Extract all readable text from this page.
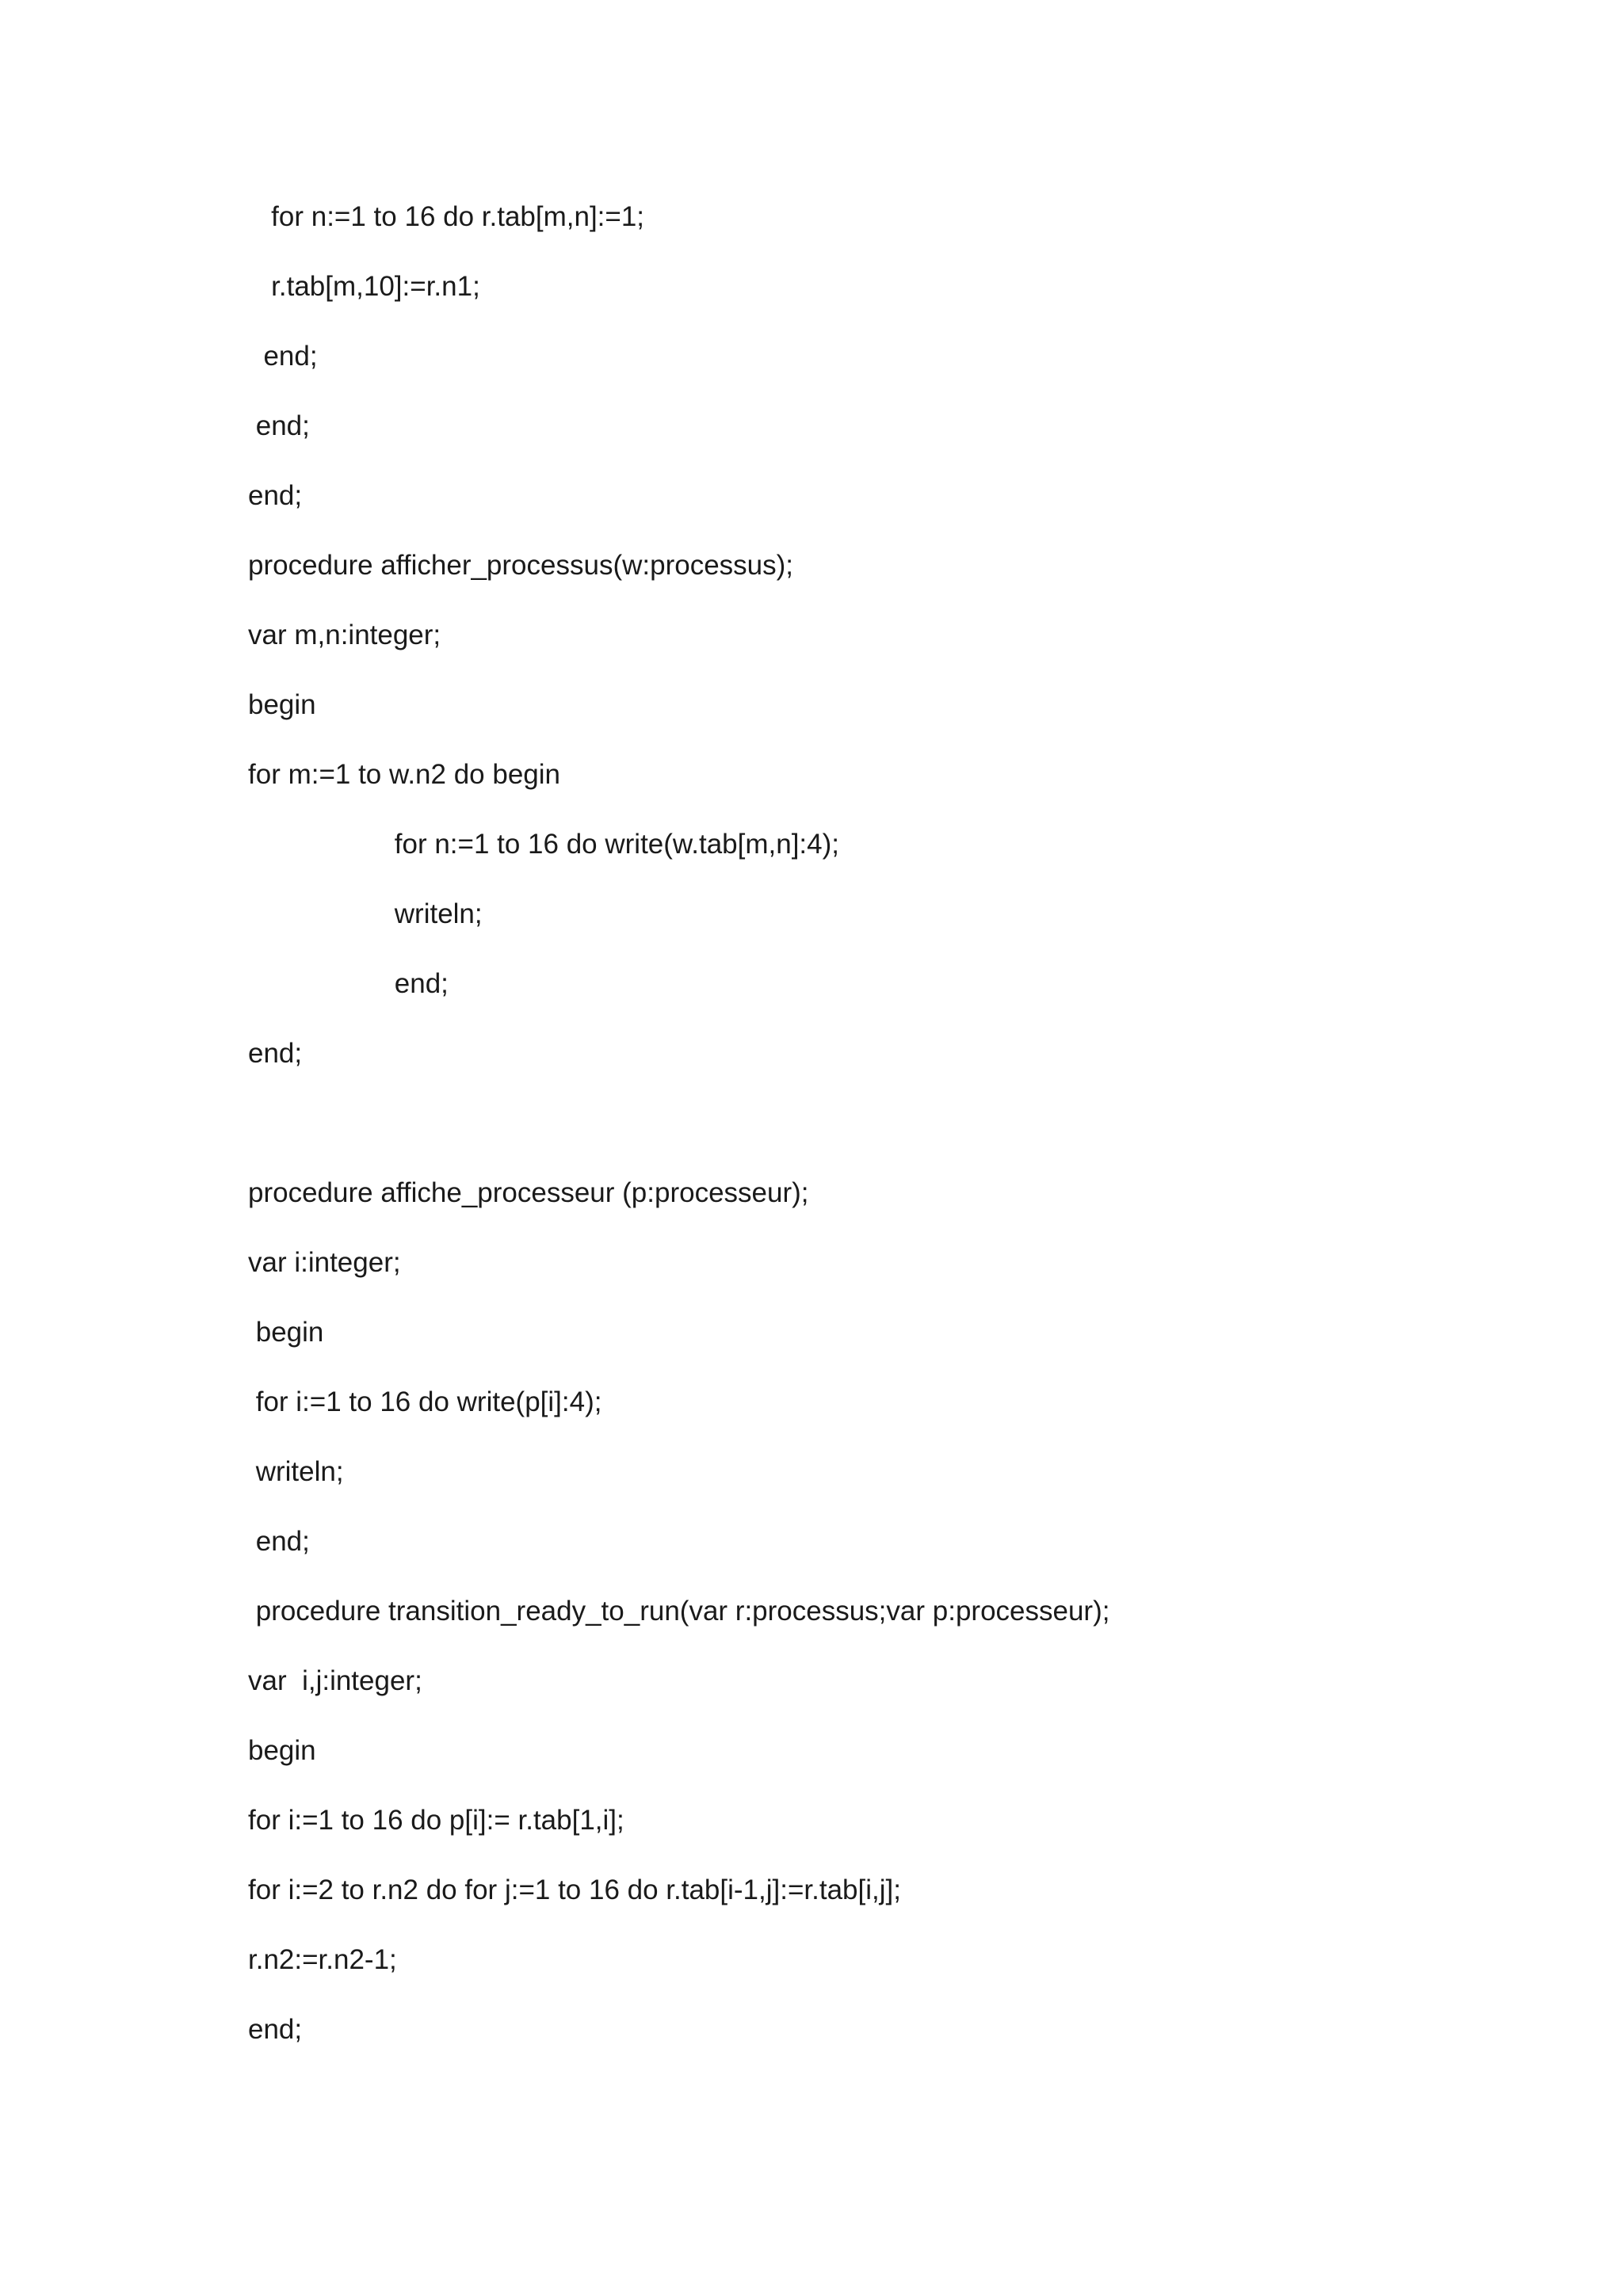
for n:=1 to 16 do r.tab[m,n]:=1;
r.tab[m,10]:=r.n1;
end;
end;
end;
procedure afficher_processus(w:processus);
var m,n:integer;
begin
for m:=1 to w.n2 do begin
for n:=1 to 16 do write(w.tab[m,n]:4);
writeln;
end;
end;
procedure affiche_processeur (p:processeur);
var i:integer;
begin
for i:=1 to 16 do write(p[i]:4);
writeln;
end;
procedure transition_ready_to_run(var r:processus;var p:processeur);
var  i,j:integer;
begin
for i:=1 to 16 do p[i]:= r.tab[1,i];
for i:=2 to r.n2 do for j:=1 to 16 do r.tab[i-1,j]:=r.tab[i,j];
r.n2:=r.n2-1;
end;
